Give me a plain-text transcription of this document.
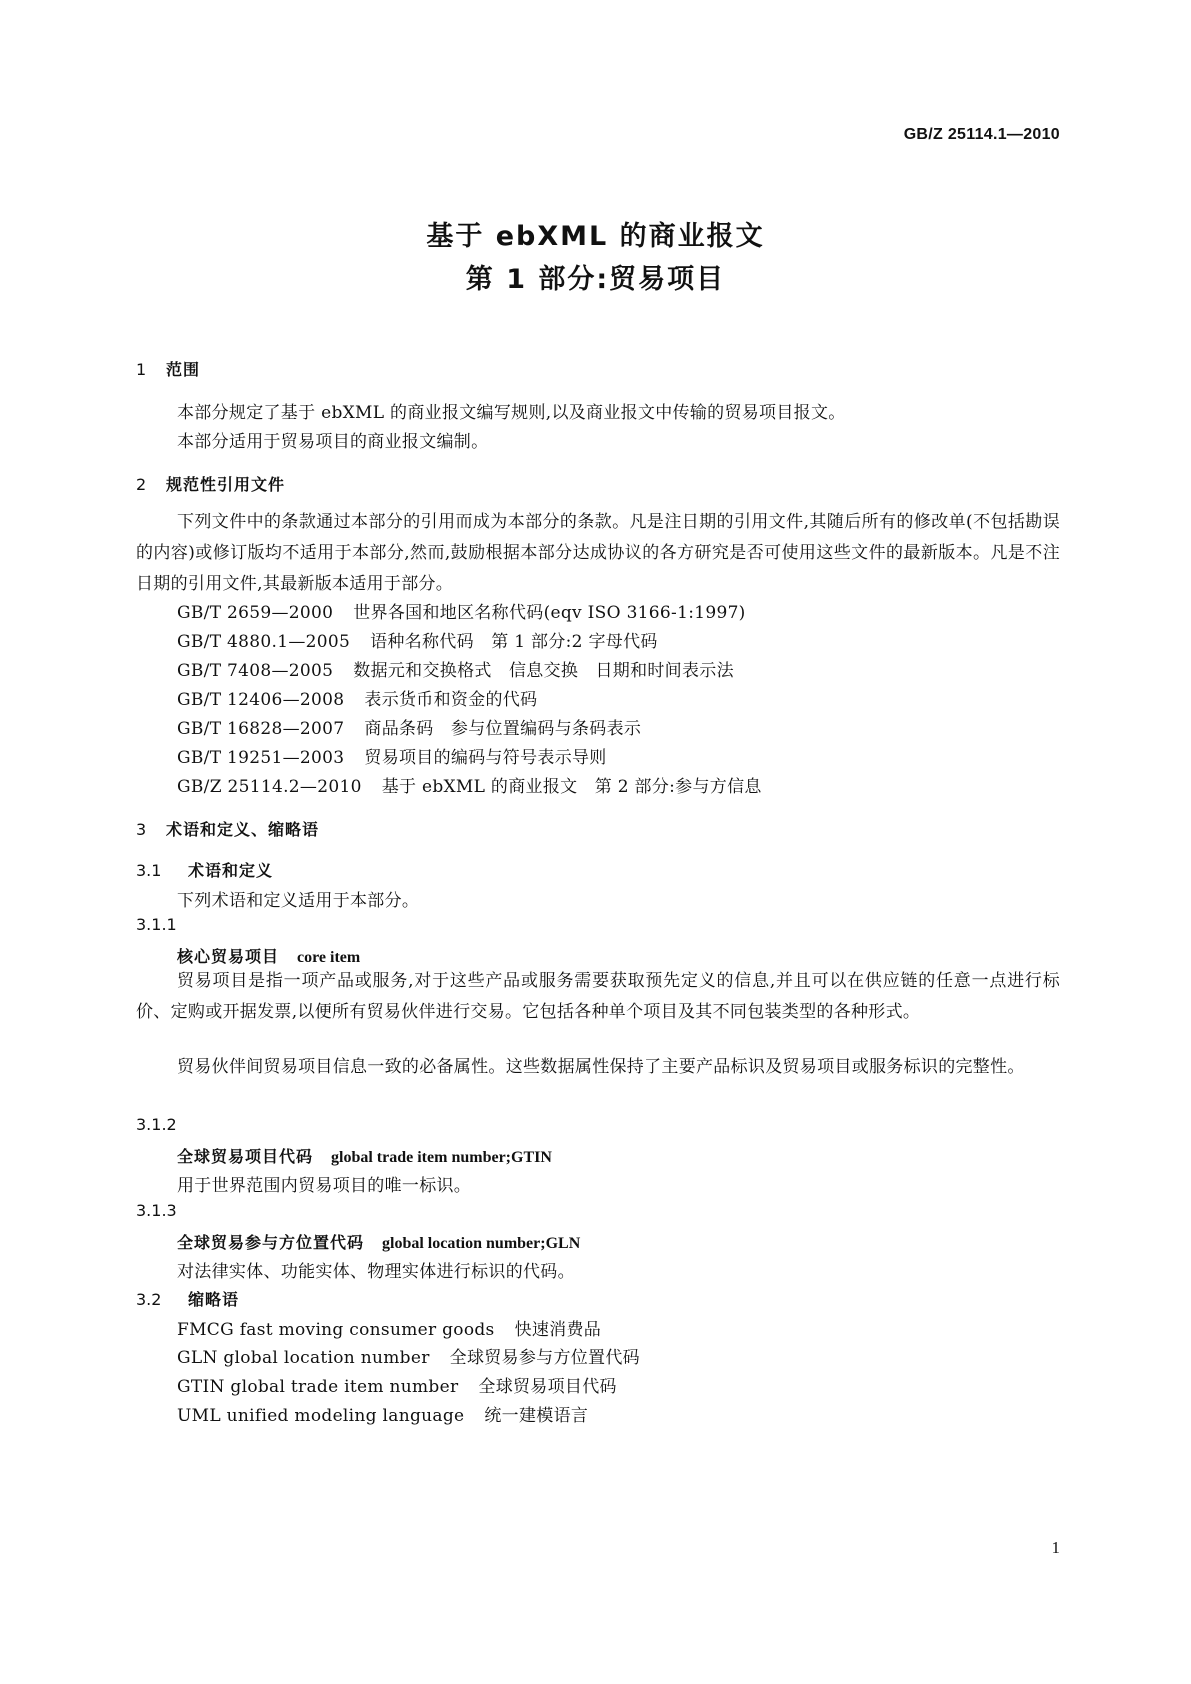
GB/Z 25114.1—2010
基于 ebXML 的商业报文
第 1 部分:贸易项目
1 范围
本部分规定了基于 ebXML 的商业报文编写规则,以及商业报文中传输的贸易项目报文。
本部分适用于贸易项目的商业报文编制。
2 规范性引用文件
下列文件中的条款通过本部分的引用而成为本部分的条款。凡是注日期的引用文件,其随后所有的修改单(不包括勘误的内容)或修订版均不适用于本部分,然而,鼓励根据本部分达成协议的各方研究是否可使用这些文件的最新版本。凡是不注日期的引用文件,其最新版本适用于部分。
GB/T 2659—2000 世界各国和地区名称代码(eqv ISO 3166-1:1997)
GB/T 4880.1—2005 语种名称代码　第 1 部分:2 字母代码
GB/T 7408—2005 数据元和交换格式　信息交换　日期和时间表示法
GB/T 12406—2008 表示货币和资金的代码
GB/T 16828—2007 商品条码　参与位置编码与条码表示
GB/T 19251—2003 贸易项目的编码与符号表示导则
GB/Z 25114.2—2010 基于 ebXML 的商业报文　第 2 部分:参与方信息
3 术语和定义、缩略语
3.1 术语和定义
下列术语和定义适用于本部分。
3.1.1
核心贸易项目 core item
贸易项目是指一项产品或服务,对于这些产品或服务需要获取预先定义的信息,并且可以在供应链的任意一点进行标价、定购或开据发票,以便所有贸易伙伴进行交易。它包括各种单个项目及其不同包装类型的各种形式。
贸易伙伴间贸易项目信息一致的必备属性。这些数据属性保持了主要产品标识及贸易项目或服务标识的完整性。
3.1.2
全球贸易项目代码 global trade item number;GTIN
用于世界范围内贸易项目的唯一标识。
3.1.3
全球贸易参与方位置代码 global location number;GLN
对法律实体、功能实体、物理实体进行标识的代码。
3.2 缩略语
FMCG fast moving consumer goods 快速消费品
GLN global location number 全球贸易参与方位置代码
GTIN global trade item number 全球贸易项目代码
UML unified modeling language 统一建模语言
1
